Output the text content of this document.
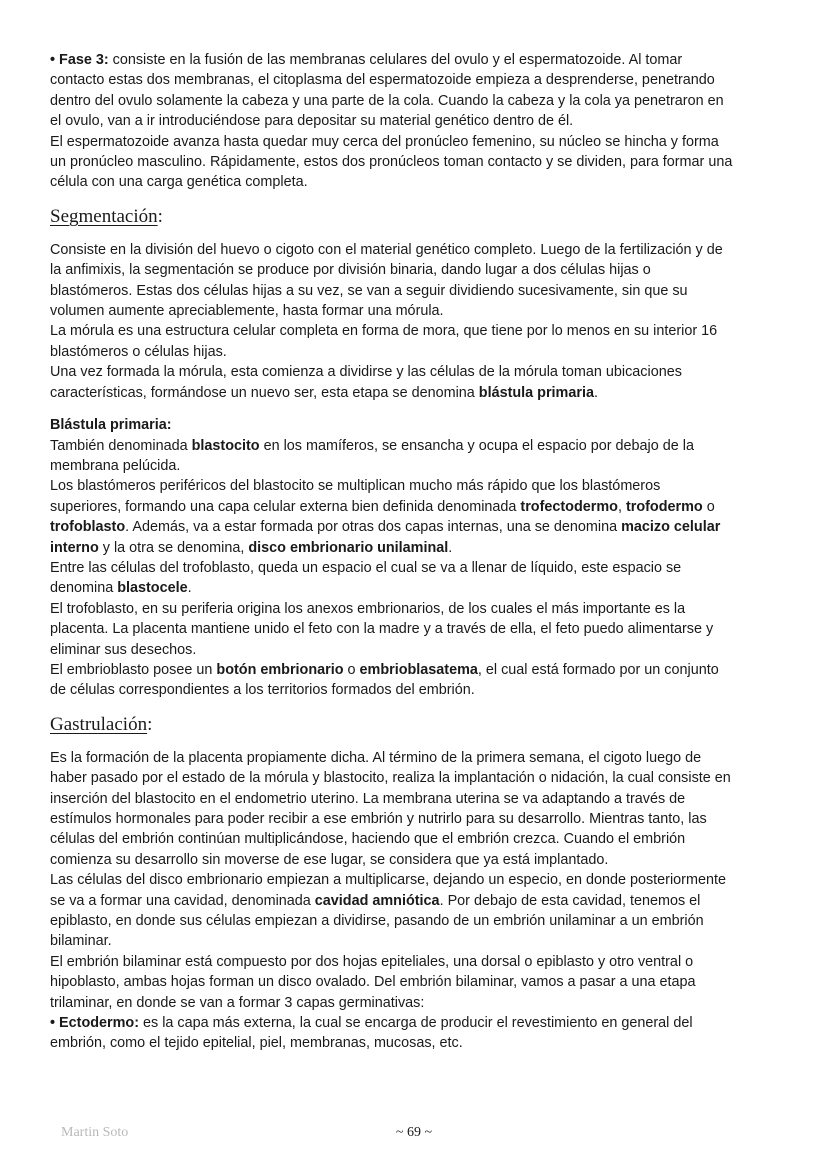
• Fase 3: consiste en la fusión de las membranas celulares del ovulo y el espermatozoide. Al tomar

contacto estas dos membranas, el citoplasma del espermatozoide empieza a desprenderse, penetrando

dentro del ovulo solamente la cabeza y una parte de la cola. Cuando la cabeza y la cola ya penetraron en

el ovulo, van a ir introduciéndose para depositar su material genético dentro de él.

El espermatozoide avanza hasta quedar muy cerca del pronúcleo femenino, su núcleo se hincha y forma

un pronúcleo masculino. Rápidamente, estos dos pronúcleos toman contacto y se dividen, para formar una

célula con una carga genética completa.

Segmentación:

Consiste en la división del huevo o cigoto con el material genético completo. Luego de la fertilización y de

la anfimixis, la segmentación se produce por división binaria, dando lugar a dos células hijas o

blastómeros. Estas dos células hijas a su vez, se van a seguir dividiendo sucesivamente, sin que su

volumen aumente apreciablemente, hasta formar una mórula.

La mórula es una estructura celular completa en forma de mora, que tiene por lo menos en su interior 16

blastómeros o células hijas.

Una vez formada la mórula, esta comienza a dividirse y las células de la mórula toman ubicaciones

características, formándose un nuevo ser, esta etapa se denomina blástula primaria.

Blástula primaria:

También denominada blastocito en los mamíferos, se ensancha y ocupa el espacio por debajo de la

membrana pelúcida.

Los blastómeros periféricos del blastocito se multiplican mucho más rápido que los blastómeros

superiores, formando una capa celular externa bien definida denominada trofectodermo, trofodermo o

trofoblasto. Además, va a estar formada por otras dos capas internas, una se denomina macizo celular

interno y la otra se denomina, disco embrionario unilaminal.

Entre las células del trofoblasto, queda un espacio el cual se va a llenar de líquido, este espacio se

denomina blastocele.

El trofoblasto, en su periferia origina los anexos embrionarios, de los cuales el más importante es la

placenta. La placenta mantiene unido el feto con la madre y a través de ella, el feto puedo alimentarse y

eliminar sus desechos.

El embrioblasto posee un botón embrionario o embrioblasatema, el cual está formado por un conjunto

de células correspondientes a los territorios formados del embrión.

Gastrulación:

Es la formación de la placenta propiamente dicha. Al término de la primera semana, el cigoto luego de

haber pasado por el estado de la mórula y blastocito, realiza la implantación o nidación, la cual consiste en

inserción del blastocito en el endometrio uterino. La membrana uterina se va adaptando a través de

estímulos hormonales para poder recibir a ese embrión y nutrirlo para su desarrollo. Mientras tanto, las

células del embrión continúan multiplicándose, haciendo que el embrión crezca. Cuando el embrión

comienza su desarrollo sin moverse de ese lugar, se considera que ya está implantado.

Las células del disco embrionario empiezan a multiplicarse, dejando un especio, en donde posteriormente

se va a formar una cavidad, denominada cavidad amniótica. Por debajo de esta cavidad, tenemos el

epiblasto, en donde sus células empiezan a dividirse, pasando de un embrión unilaminar a un embrión

bilaminar.

El embrión bilaminar está compuesto por dos hojas epiteliales, una dorsal o epiblasto y otro ventral o

hipoblasto, ambas hojas forman un disco ovalado. Del embrión bilaminar, vamos a pasar a una etapa

trilaminar, en donde se van a formar 3 capas germinativas:

• Ectodermo: es la capa más externa, la cual se encarga de producir el revestimiento en general del

embrión, como el tejido epitelial, piel, membranas, mucosas, etc.

Martin Soto	~ 69 ~
